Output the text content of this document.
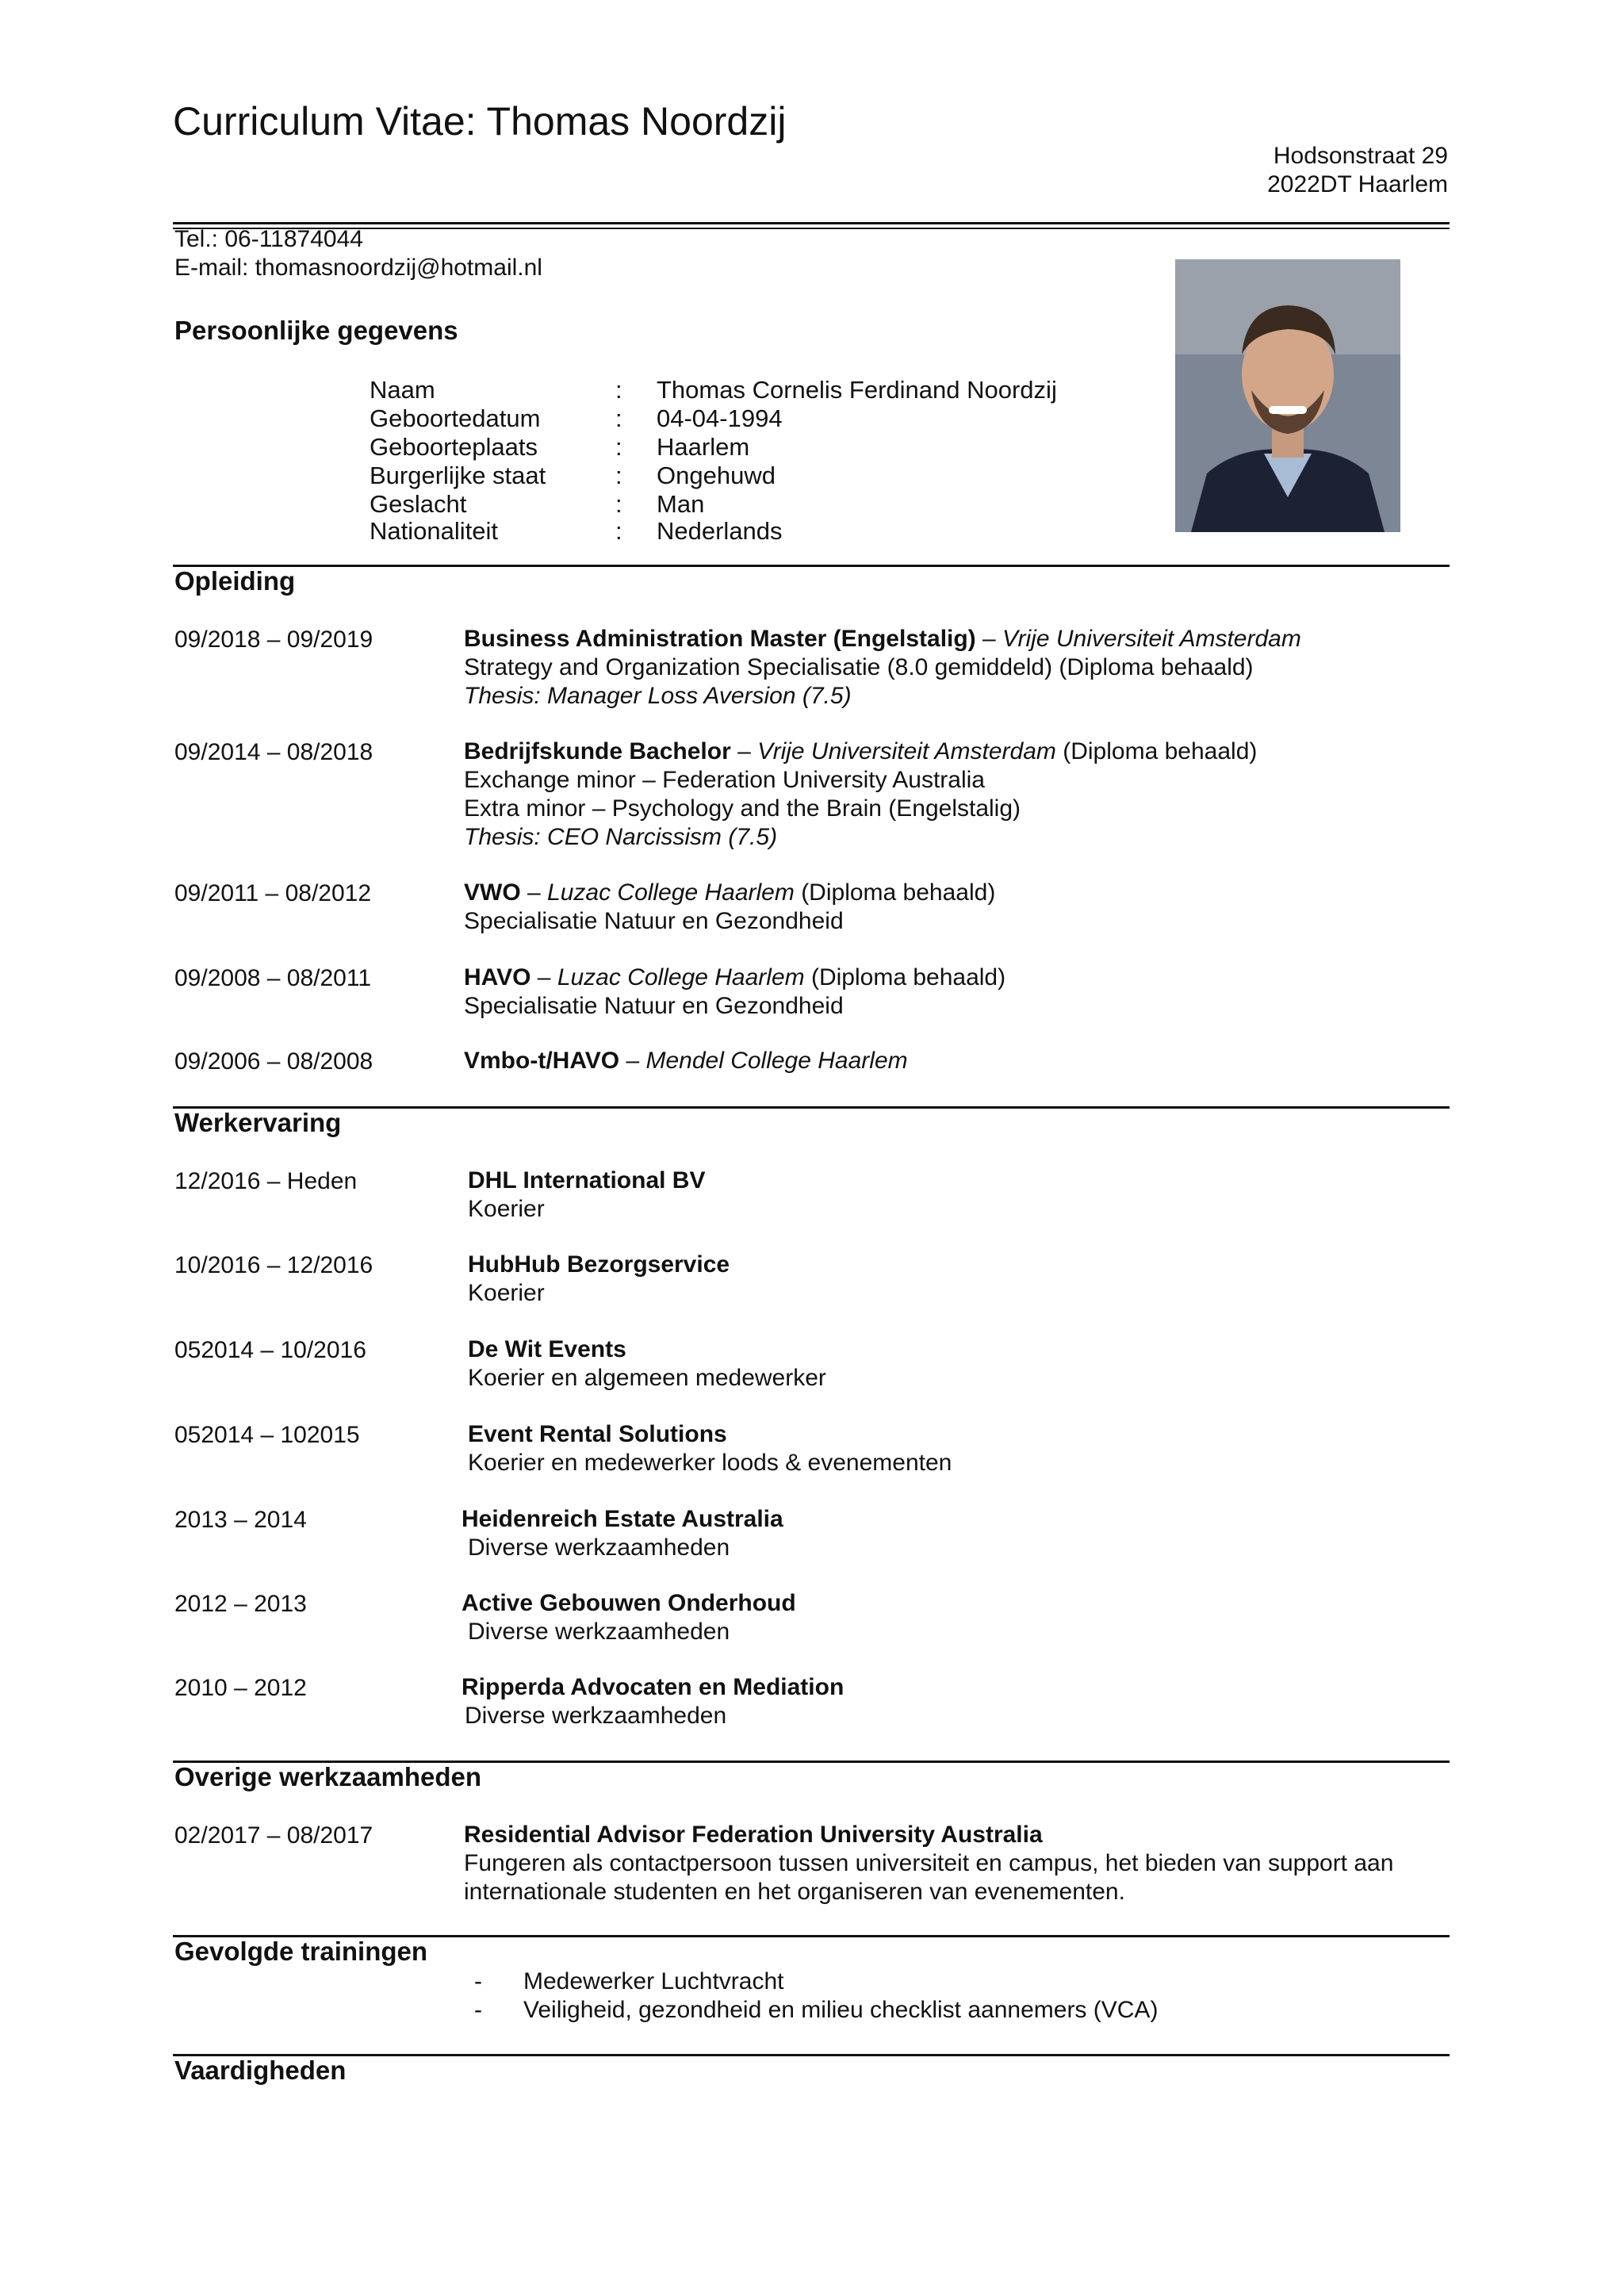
Curriculum Vitae: Thomas Noordzij
Hodsonstraat 29
2022DT Haarlem
Tel.: 06-11874044
E-mail: thomasnoordzij@hotmail.nl
Persoonlijke gegevens
Naam	: Thomas Cornelis Ferdinand Noordzij
Geboortedatum	: 04-04-1994
Geboorteplaats	: Haarlem
Burgerlijke staat	: Ongehuwd
Geslacht	: Man
Nationaliteit	: Nederlands
Opleiding
09/2018 – 09/2019	Business Administration Master (Engelstalig) – Vrije Universiteit Amsterdam
Strategy and Organization Specialisatie (8.0 gemiddeld) (Diploma behaald)
Thesis: Manager Loss Aversion (7.5)
09/2014 – 08/2018	Bedrijfskunde Bachelor – Vrije Universiteit Amsterdam (Diploma behaald)
Exchange minor – Federation University Australia
Extra minor – Psychology and the Brain (Engelstalig)
Thesis: CEO Narcissism (7.5)
09/2011 – 08/2012	VWO – Luzac College Haarlem (Diploma behaald)
Specialisatie Natuur en Gezondheid
09/2008 – 08/2011	HAVO – Luzac College Haarlem (Diploma behaald)
Specialisatie Natuur en Gezondheid
09/2006 – 08/2008	Vmbo-t/HAVO – Mendel College Haarlem
Werkervaring
12/2016 – Heden	DHL International BV
Koerier
10/2016 – 12/2016	HubHub Bezorgservice
Koerier
052014 – 10/2016	De Wit Events
Koerier en algemeen medewerker
052014 – 102015	Event Rental Solutions
Koerier en medewerker loods & evenementen
2013 – 2014	Heidenreich Estate Australia
Diverse werkzaamheden
2012 – 2013	Active Gebouwen Onderhoud
Diverse werkzaamheden
2010 – 2012	Ripperda Advocaten en Mediation
Diverse werkzaamheden
Overige werkzaamheden
02/2017 – 08/2017	Residential Advisor Federation University Australia
Fungeren als contactpersoon tussen universiteit en campus, het bieden van support aan
internationale studenten en het organiseren van evenementen.
Gevolgde trainingen
- Medewerker Luchtvracht
- Veiligheid, gezondheid en milieu checklist aannemers (VCA)
Vaardigheden
